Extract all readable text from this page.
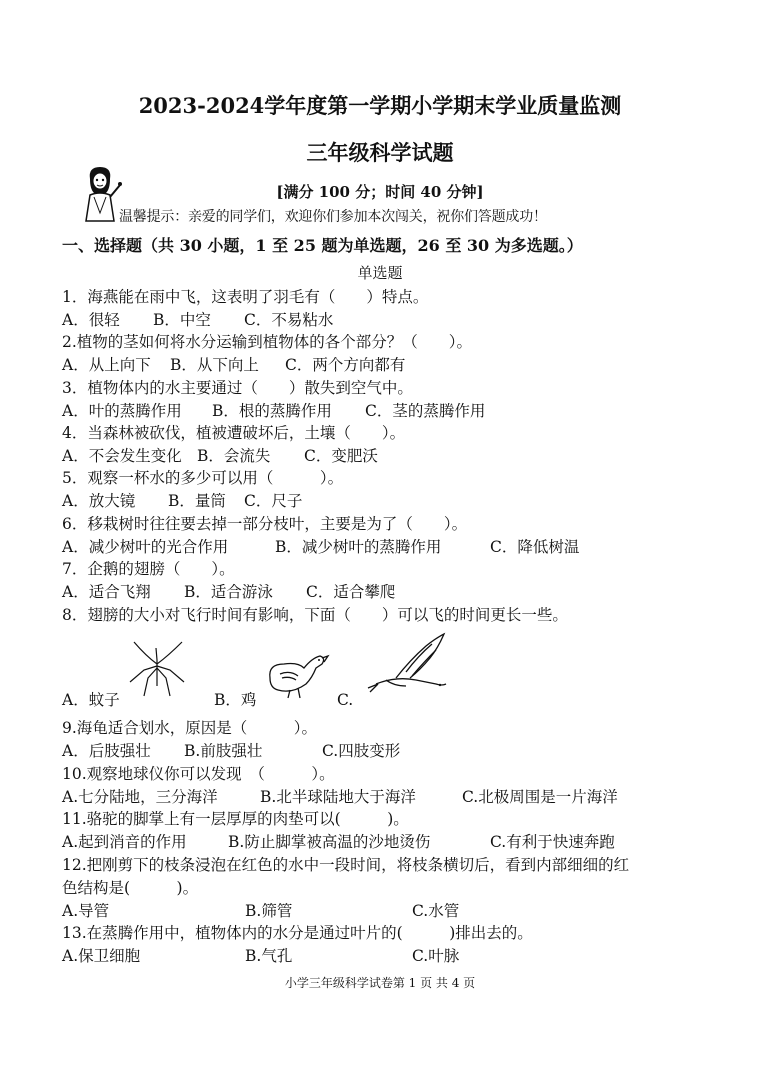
2023-2024学年度第一学期小学期末学业质量监测
三年级科学试题
[满分 100 分；时间 40 分钟]
温馨提示：亲爱的同学们，欢迎你们参加本次闯关，祝你们答题成功！
一、选择题（共 30 小题，1 至 25 题为单选题，26 至 30 为多选题。）
单选题
1．海燕能在雨中飞，这表明了羽毛有（　　）特点。
A．很轻 B．中空 C．不易粘水
2.植物的茎如何将水分运输到植物体的各个部分？（　　）。
A．从上向下 B．从下向上 C．两个方向都有
3．植物体内的水主要通过（　　）散失到空气中。
A．叶的蒸腾作用 B．根的蒸腾作用 C．茎的蒸腾作用
4．当森林被砍伐，植被遭破坏后，土壤（　　）。
A．不会发生变化 B．会流失 C．变肥沃
5．观察一杯水的多少可以用（　　　）。
A．放大镜 B．量筒 C．尺子
6．移栽树时往往要去掉一部分枝叶，主要是为了（　　）。
A．减少树叶的光合作用	B．减少树叶的蒸腾作用	C．降低树温
7．企鹅的翅膀（　　）。
A．适合飞翔 B．适合游泳 C．适合攀爬
8．翅膀的大小对飞行时间有影响，下面（　　）可以飞的时间更长一些。
A．蚊子	B．鸡	C.
9.海龟适合划水，原因是（　　　）。
A．后肢强壮 B.前肢强壮	C.四肢变形
10.观察地球仪你可以发现　（　　　）。
A.七分陆地，三分海洋	B.北半球陆地大于海洋	C.北极周围是一片海洋
11.骆驼的脚掌上有一层厚厚的肉垫可以(　　　)。
A.起到消音的作用	B.防止脚掌被高温的沙地烫伤	C.有利于快速奔跑
12.把刚剪下的枝条浸泡在红色的水中一段时间，将枝条横切后，看到内部细细的红
色结构是(　　　)。
A.导管	B.筛管	C.水管
13.在蒸腾作用中，植物体内的水分是通过叶片的(　　　)排出去的。
A.保卫细胞	B.气孔	C.叶脉
小学三年级科学试卷第 1 页 共 4 页
